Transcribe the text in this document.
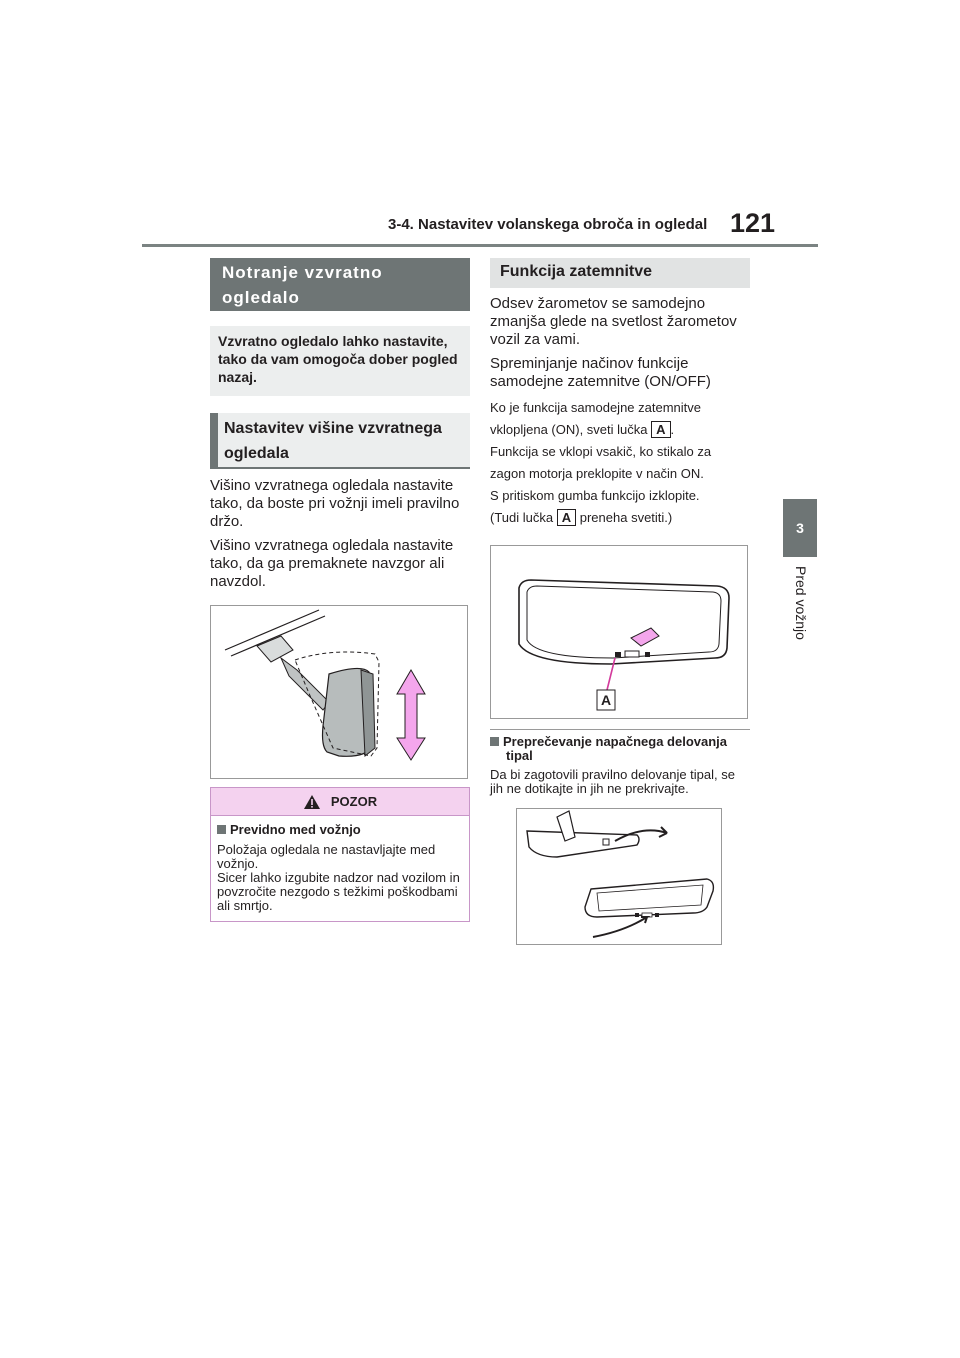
3-4. Nastavitev volanskega obroča in ogledal 121
3
Pred vožnjo
Notranje vzvratno ogledalo
Vzvratno ogledalo lahko nastavite, tako da vam omogoča dober pogled nazaj.
Nastavitev višine vzvratnega ogledala

Višino vzvratnega ogledala nastavite tako, da boste pri vožnji imeli pravilno držo.

Višino vzvratnega ogledala nastavite tako, da ga premaknete navzgor ali navzdol.

POZOR
Previdno med vožnjo

Položaja ogledala ne nastavljajte med vožnjo.

Sicer lahko izgubite nadzor nad vozilom in povzročite nezgodo s težkimi poškodbami ali smrtjo.

Funkcija zatemnitve

Odsev žarometov se samodejno zmanjša glede na svetlost žarometov vozil za vami.

Spreminjanje načinov funkcije samodejne zatemnitve (ON/OFF)

Ko je funkcija samodejne zatemnitve
vklopljena (ON), sveti lučka A .
Funkcija se vklopi vsakič, ko stikalo za
zagon motorja preklopite v način ON.
S pritiskom gumba funkcijo izklopite.
(Tudi lučka A preneha svetiti.)
A
Preprečevanje napačnega delovanja tipal

Da bi zagotovili pravilno delovanje tipal, se jih ne dotikajte in jih ne prekrivajte.
